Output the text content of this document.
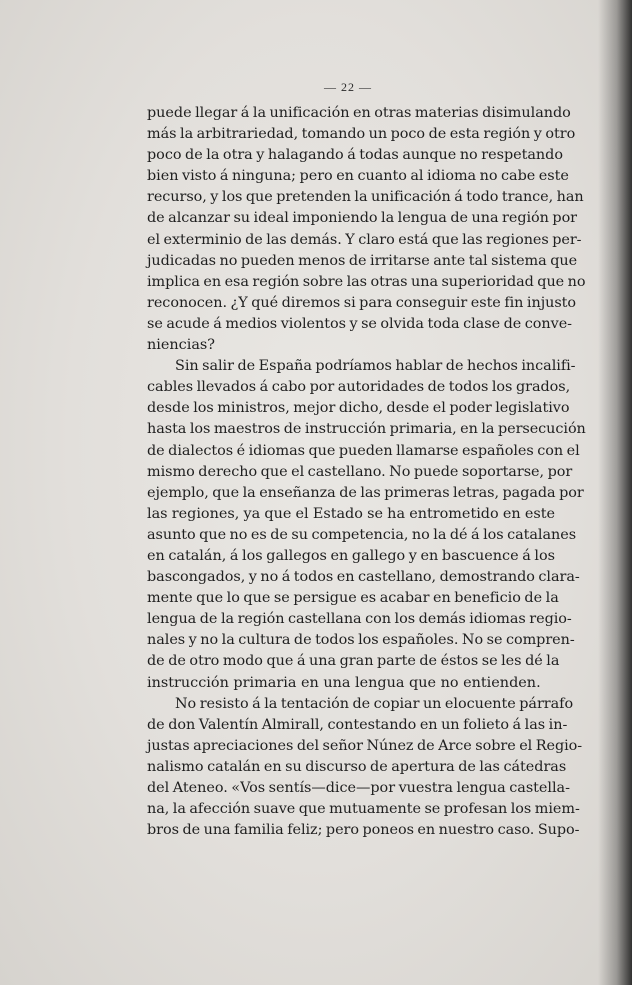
— 22 —
puede llegar á la unificación en otras materias disimulando
más la arbitrariedad, tomando un poco de esta región y otro
poco de la otra y halagando á todas aunque no respetando
bien visto á ninguna; pero en cuanto al idioma no cabe este
recurso, y los que pretenden la unificación á todo trance, han
de alcanzar su ideal imponiendo la lengua de una región por
el exterminio de las demás. Y claro está que las regiones per-
judicadas no pueden menos de irritarse ante tal sistema que
implica en esa región sobre las otras una superioridad que no
reconocen. ¿Y qué diremos si para conseguir este fin injusto
se acude á medios violentos y se olvida toda clase de conve-
niencias?
Sin salir de España podríamos hablar de hechos incalifi-
cables llevados á cabo por autoridades de todos los grados,
desde los ministros, mejor dicho, desde el poder legislativo
hasta los maestros de instrucción primaria, en la persecución
de dialectos é idiomas que pueden llamarse españoles con el
mismo derecho que el castellano. No puede soportarse, por
ejemplo, que la enseñanza de las primeras letras, pagada por
las regiones, ya que el Estado se ha entrometido en este
asunto que no es de su competencia, no la dé á los catalanes
en catalán, á los gallegos en gallego y en bascuence á los
bascongados, y no á todos en castellano, demostrando clara-
mente que lo que se persigue es acabar en beneficio de la
lengua de la región castellana con los demás idiomas regio-
nales y no la cultura de todos los españoles. No se compren-
de de otro modo que á una gran parte de éstos se les dé la
instrucción primaria en una lengua que no entienden.
No resisto á la tentación de copiar un elocuente párrafo
de don Valentín Almirall, contestando en un folieto á las in-
justas apreciaciones del señor Núnez de Arce sobre el Regio-
nalismo catalán en su discurso de apertura de las cátedras
del Ateneo. «Vos sentís—dice—por vuestra lengua castella-
na, la afección suave que mutuamente se profesan los miem-
bros de una familia feliz; pero poneos en nuestro caso. Supo-
